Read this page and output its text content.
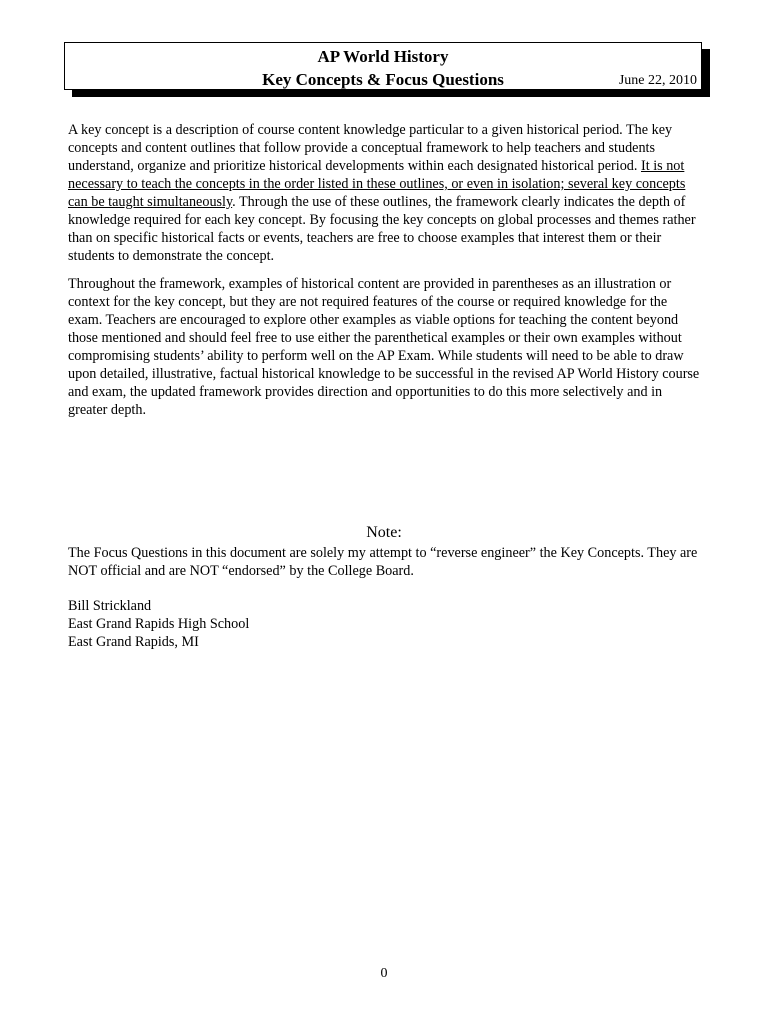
AP World History
Key Concepts & Focus Questions	June 22, 2010

A key concept is a description of course content knowledge particular to a given historical period. The key concepts and content outlines that follow provide a conceptual framework to help teachers and students understand, organize and prioritize historical developments within each designated historical period. It is not necessary to teach the concepts in the order listed in these outlines, or even in isolation; several key concepts can be taught simultaneously. Through the use of these outlines, the framework clearly indicates the depth of knowledge required for each key concept. By focusing the key concepts on global processes and themes rather than on specific historical facts or events, teachers are free to choose examples that interest them or their students to demonstrate the concept.

Throughout the framework, examples of historical content are provided in parentheses as an illustration or context for the key concept, but they are not required features of the course or required knowledge for the exam. Teachers are encouraged to explore other examples as viable options for teaching the content beyond those mentioned and should feel free to use either the parenthetical examples or their own examples without compromising students’ ability to perform well on the AP Exam. While students will need to be able to draw upon detailed, illustrative, factual historical knowledge to be successful in the revised AP World History course and exam, the updated framework provides direction and opportunities to do this more selectively and in greater depth.

Note:
The Focus Questions in this document are solely my attempt to “reverse engineer” the Key Concepts. They are NOT official and are NOT “endorsed” by the College Board.
Bill Strickland
East Grand Rapids High School
East Grand Rapids, MI
0
